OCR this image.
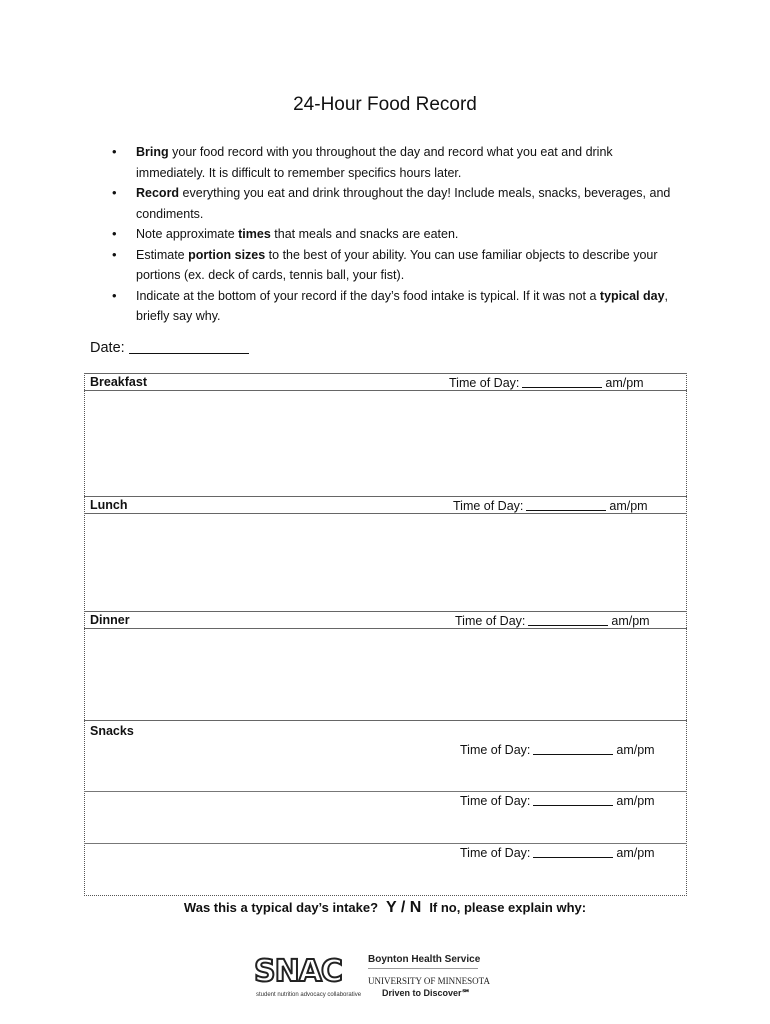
24-Hour Food Record
• Bring your food record with you throughout the day and record what you eat and drink immediately. It is difficult to remember specifics hours later.
• Record everything you eat and drink throughout the day! Include meals, snacks, beverages, and condiments.
• Note approximate times that meals and snacks are eaten.
• Estimate portion sizes to the best of your ability. You can use familiar objects to describe your portions (ex. deck of cards, tennis ball, your fist).
• Indicate at the bottom of your record if the day’s food intake is typical. If it was not a typical day, briefly say why.
Date:
Breakfast	Time of Day:	am/pm
Lunch	Time of Day:	am/pm
Dinner	Time of Day:	am/pm
Snacks
Time of Day:	am/pm
Time of Day:	am/pm
Time of Day:	am/pm
Was this a typical day’s intake? Y / N If no, please explain why:
SNAC
student nutrition advocacy collaborative
Boynton Health Service
UNIVERSITY OF MINNESOTA
Driven to Discover℠
